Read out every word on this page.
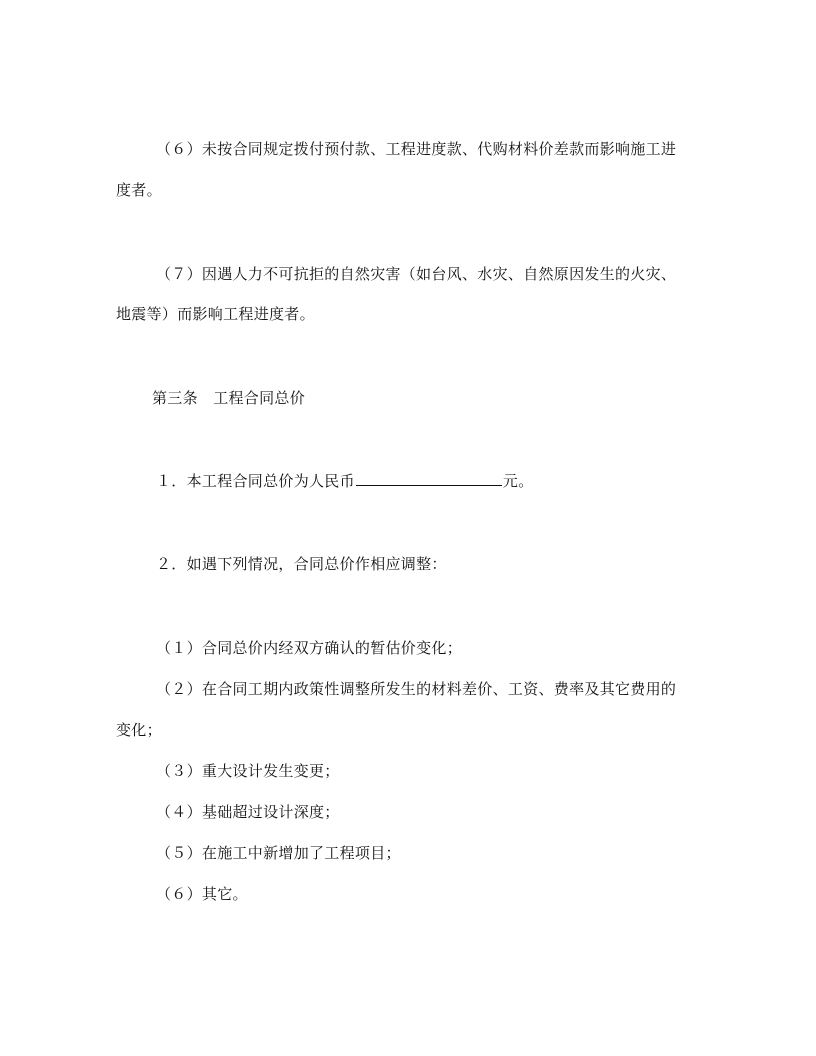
（６）未按合同规定拨付预付款、工程进度款、代购材料价差款而影响施工进
度者。
（７）因遇人力不可抗拒的自然灾害（如台风、水灾、自然原因发生的火灾、
地震等）而影响工程进度者。
第三条　工程合同总价
１．本工程合同总价为人民币	元。
２．如遇下列情况，合同总价作相应调整：
（１）合同总价内经双方确认的暂估价变化；
（２）在合同工期内政策性调整所发生的材料差价、工资、费率及其它费用的
变化；
（３）重大设计发生变更；
（４）基础超过设计深度；
（５）在施工中新增加了工程项目；
（６）其它。
